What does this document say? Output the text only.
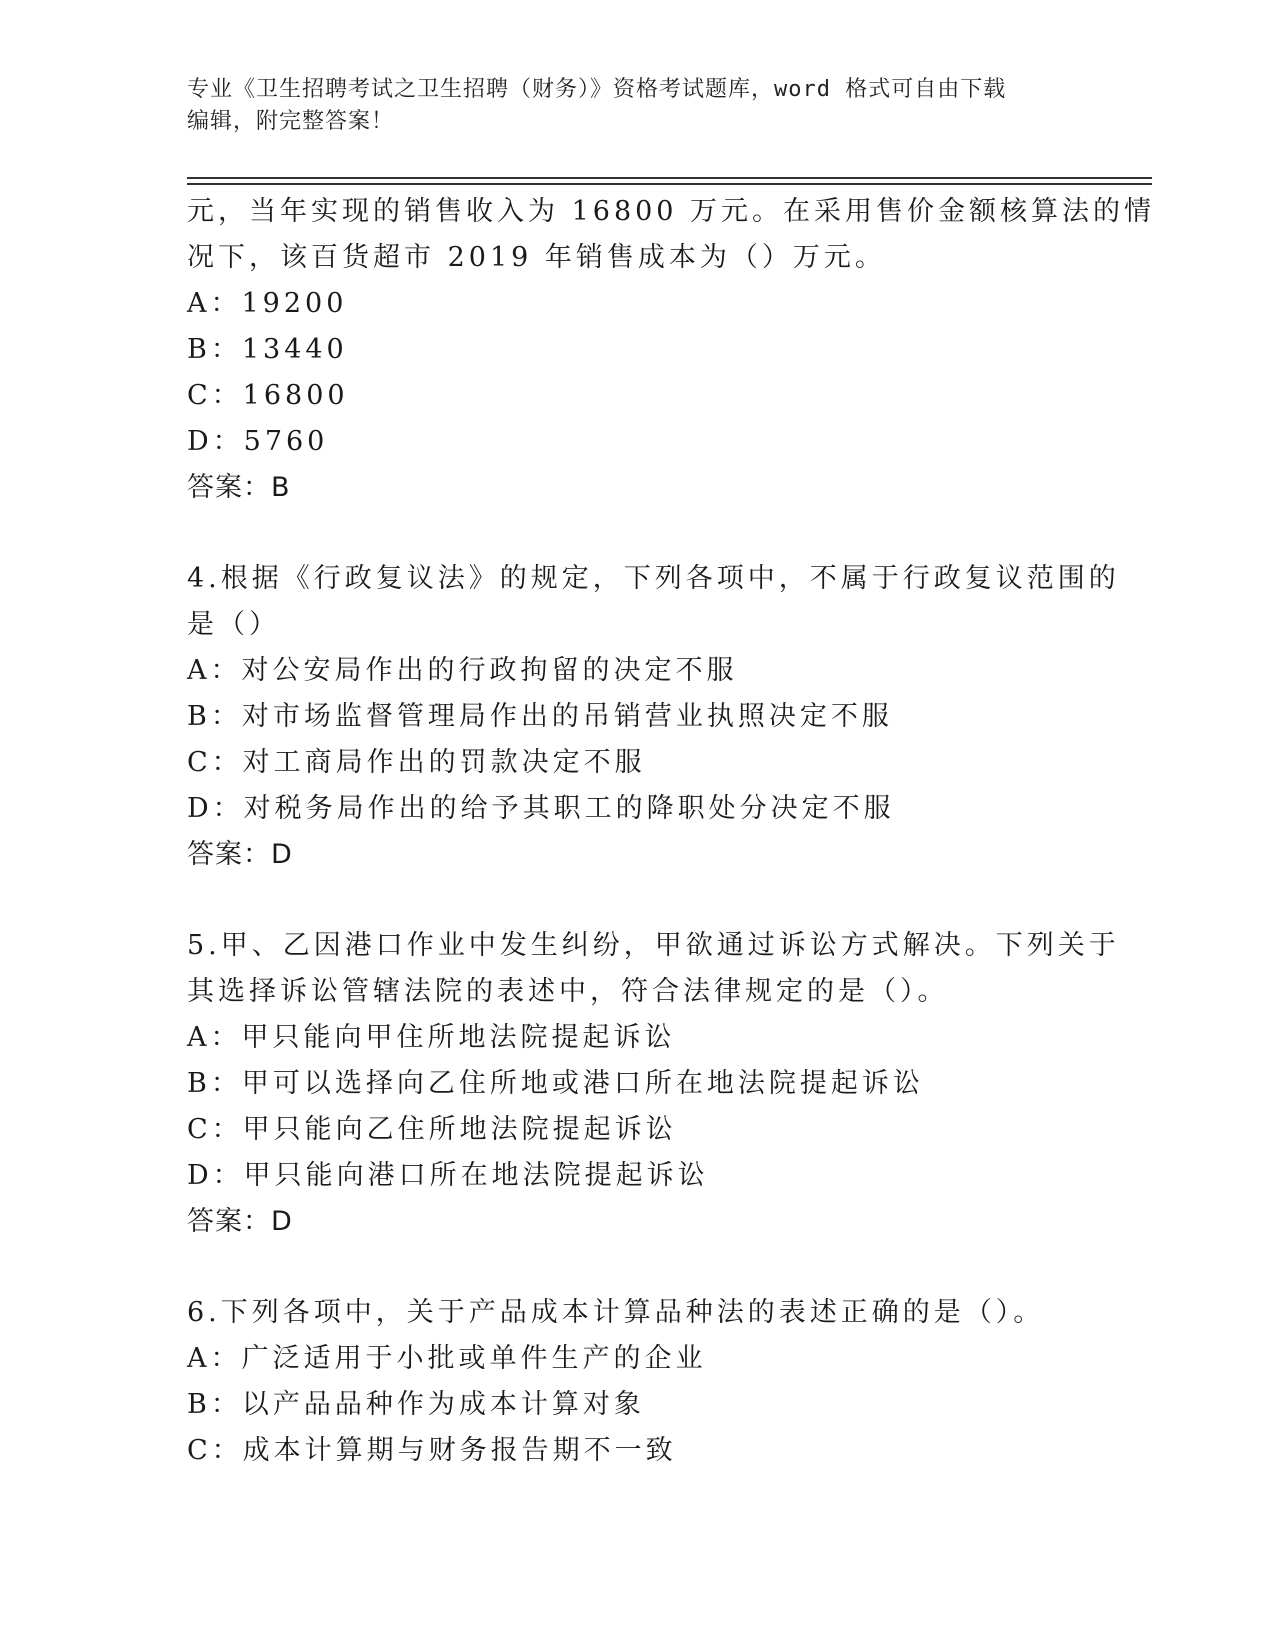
专业《卫生招聘考试之卫生招聘（财务）》资格考试题库，word 格式可自由下载
编辑，附完整答案！
元，当年实现的销售收入为 16800 万元。在采用售价金额核算法的情
况下，该百货超市 2019 年销售成本为（）万元。
A：19200
B：13440
C：16800
D：5760
答案：B
4.根据《行政复议法》的规定，下列各项中，不属于行政复议范围的
是（）
A：对公安局作出的行政拘留的决定不服
B：对市场监督管理局作出的吊销营业执照决定不服
C：对工商局作出的罚款决定不服
D：对税务局作出的给予其职工的降职处分决定不服
答案：D
5.甲、乙因港口作业中发生纠纷，甲欲通过诉讼方式解决。下列关于
其选择诉讼管辖法院的表述中，符合法律规定的是（）。
A：甲只能向甲住所地法院提起诉讼
B：甲可以选择向乙住所地或港口所在地法院提起诉讼
C：甲只能向乙住所地法院提起诉讼
D：甲只能向港口所在地法院提起诉讼
答案：D
6.下列各项中，关于产品成本计算品种法的表述正确的是（）。
A：广泛适用于小批或单件生产的企业
B：以产品品种作为成本计算对象
C：成本计算期与财务报告期不一致
